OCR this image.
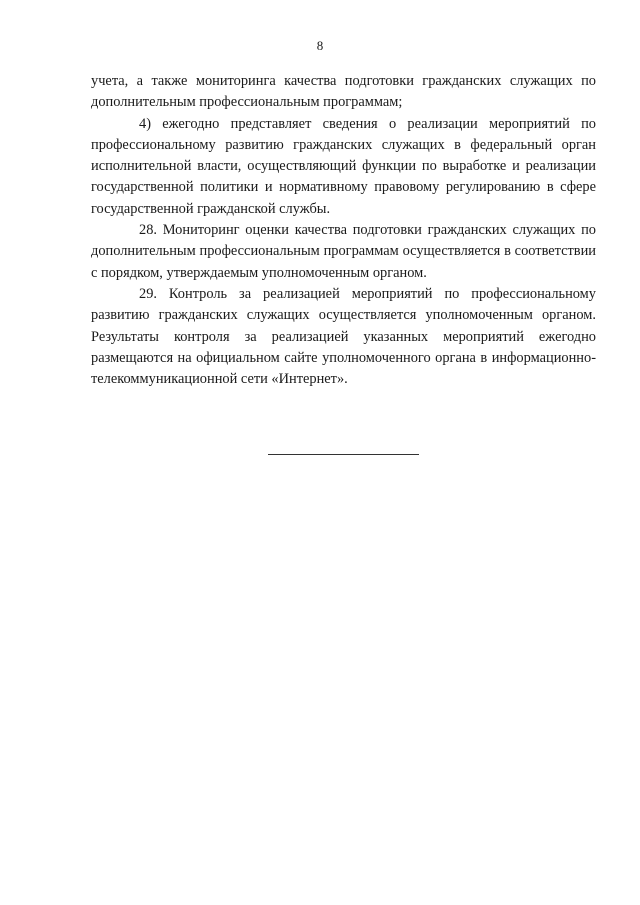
8

учета, а также мониторинга качества подготовки гражданских служащих по дополнительным профессиональным программам;

4) ежегодно представляет сведения о реализации мероприятий по профессиональному развитию гражданских служащих в федеральный орган исполнительной власти, осуществляющий функции по выработке и реализации государственной политики и нормативному правовому регулированию в сфере государственной гражданской службы.

28. Мониторинг оценки качества подготовки гражданских служащих по дополнительным профессиональным программам осуществляется в соответствии с порядком, утверждаемым уполномоченным органом.

29. Контроль за реализацией мероприятий по профессиональному развитию гражданских служащих осуществляется уполномоченным органом. Результаты контроля за реализацией указанных мероприятий ежегодно размещаются на официальном сайте уполномоченного органа в информационно-телекоммуникационной сети «Интернет».
